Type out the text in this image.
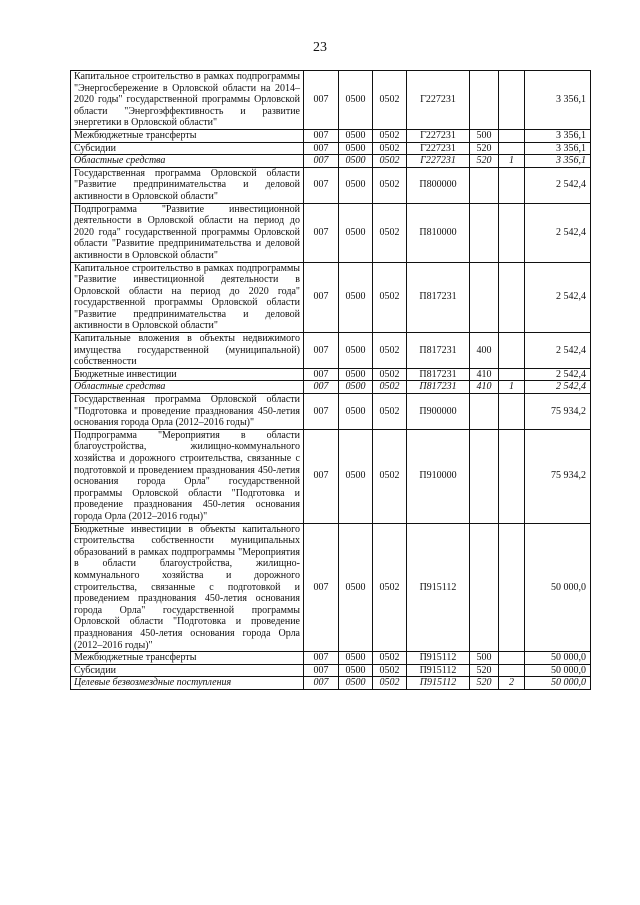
23
Капитальное строительство в рамках подпрограммы "Энергосбережение в Орловской области на 2014–2020 годы" государственной программы Орловской области "Энергоэффективность и развитие энергетики в Орловской области"	007	0500	0502	Г227231			3 356,1
Межбюджетные трансферты	007	0500	0502	Г227231	500		3 356,1
Субсидии	007	0500	0502	Г227231	520		3 356,1
Областные средства	007	0500	0502	Г227231	520	1	3 356,1
Государственная программа Орловской области "Развитие предпринимательства и деловой активности в Орловской области"	007	0500	0502	П800000			2 542,4
Подпрограмма "Развитие инвестиционной деятельности в Орловской области на период до 2020 года" государственной программы Орловской области "Развитие предпринимательства и деловой активности в Орловской области"	007	0500	0502	П810000			2 542,4
Капитальное строительство в рамках подпрограммы "Развитие инвестиционной деятельности в Орловской области на период до 2020 года" государственной программы Орловской области "Развитие предпринимательства и деловой активности в Орловской области"	007	0500	0502	П817231			2 542,4
Капитальные вложения в объекты недвижимого имущества государственной (муниципальной) собственности	007	0500	0502	П817231	400		2 542,4
Бюджетные инвестиции	007	0500	0502	П817231	410		2 542,4
Областные средства	007	0500	0502	П817231	410	1	2 542,4
Государственная программа Орловской области "Подготовка и проведение празднования 450-летия основания города Орла (2012–2016 годы)"	007	0500	0502	П900000			75 934,2
Подпрограмма "Мероприятия в области благоустройства, жилищно-коммунального хозяйства и дорожного строительства, связанные с подготовкой и проведением празднования 450-летия основания города Орла" государственной программы Орловской области "Подготовка и проведение празднования 450-летия основания города Орла (2012–2016 годы)"	007	0500	0502	П910000			75 934,2
Бюджетные инвестиции в объекты капитального строительства собственности муниципальных образований в рамках подпрограммы "Мероприятия в области благоустройства, жилищно-коммунального хозяйства и дорожного строительства, связанные с подготовкой и проведением празднования 450-летия основания города Орла" государственной программы Орловской области "Подготовка и проведение празднования 450-летия основания города Орла (2012–2016 годы)"	007	0500	0502	П915112			50 000,0
Межбюджетные трансферты	007	0500	0502	П915112	500		50 000,0
Субсидии	007	0500	0502	П915112	520		50 000,0
Целевые безвозмездные поступления	007	0500	0502	П915112	520	2	50 000,0
